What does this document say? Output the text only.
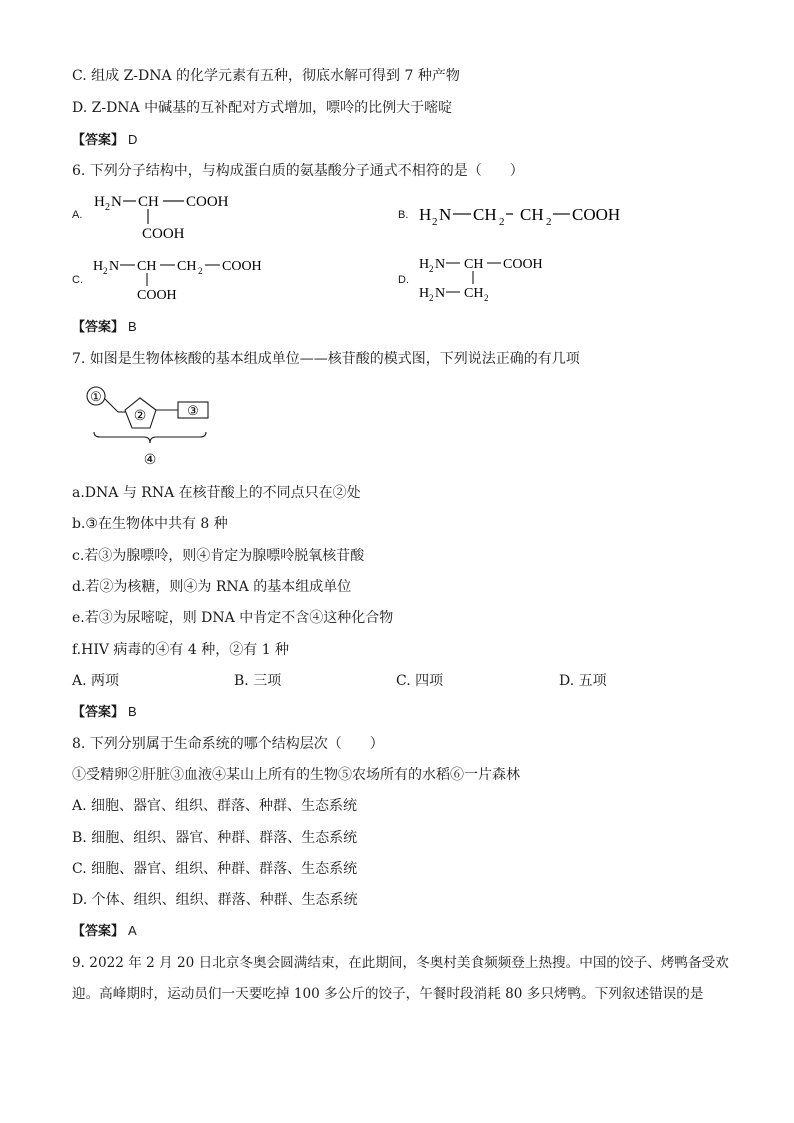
C. 组成 Z-DNA 的化学元素有五种，彻底水解可得到 7 种产物
D. Z-DNA 中碱基的互补配对方式增加，嘌呤的比例大于嘧啶
【答案】 D
6. 下列分子结构中，与构成蛋白质的氨基酸分子通式不相符的是（　　）
A.	B.
C.	D.
H 2 N CH COOH
COOH
H 2 N CH 2 CH 2 COOH
H 2 N CH CH 2 COOH
COOH
H 2 N CH COOH
H 2 N CH 2
【答案】 B
7. 如图是生物体核酸的基本组成单位——核苷酸的模式图，下列说法正确的有几项
①
②	③
④
a.DNA 与 RNA 在核苷酸上的不同点只在②处
b.③在生物体中共有 8 种
c.若③为腺嘌呤，则④肯定为腺嘌呤脱氧核苷酸
d.若②为核糖，则④为 RNA 的基本组成单位
e.若③为尿嘧啶，则 DNA 中肯定不含④这种化合物
f.HIV 病毒的④有 4 种，②有 1 种
A. 两项	B. 三项	C. 四项	D. 五项
【答案】 B
8. 下列分别属于生命系统的哪个结构层次（　　）
①受精卵②肝脏③血液④某山上所有的生物⑤农场所有的水稻⑥一片森林
A. 细胞、器官、组织、群落、种群、生态系统
B. 细胞、组织、器官、种群、群落、生态系统
C. 细胞、器官、组织、种群、群落、生态系统
D. 个体、组织、组织、群落、种群、生态系统
【答案】 A
9. 2022 年 2 月 20 日北京冬奥会圆满结束，在此期间，冬奥村美食频频登上热搜。中国的饺子、烤鸭备受欢
迎。高峰期时，运动员们一天要吃掉 100 多公斤的饺子，午餐时段消耗 80 多只烤鸭。下列叙述错误的是
